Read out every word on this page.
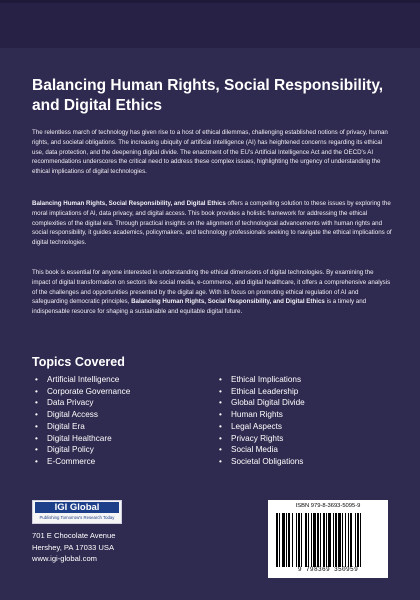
Balancing Human Rights, Social Responsibility, and Digital Ethics
The relentless march of technology has given rise to a host of ethical dilemmas, challenging established notions of privacy, human rights, and societal obligations. The increasing ubiquity of artificial intelligence (AI) has heightened concerns regarding its ethical use, data protection, and the deepening digital divide. The enactment of the EU's Artificial Intelligence Act and the OECD's AI recommendations underscores the critical need to address these complex issues, highlighting the urgency of understanding the ethical implications of digital technologies.
Balancing Human Rights, Social Responsibility, and Digital Ethics offers a compelling solution to these issues by exploring the moral implications of AI, data privacy, and digital access. This book provides a holistic framework for addressing the ethical complexities of the digital era. Through practical insights on the alignment of technological advancements with human rights and social responsibility, it guides academics, policymakers, and technology professionals seeking to navigate the ethical implications of digital technologies.
This book is essential for anyone interested in understanding the ethical dimensions of digital technologies. By examining the impact of digital transformation on sectors like social media, e-commerce, and digital healthcare, it offers a comprehensive analysis of the challenges and opportunities presented by the digital age. With its focus on promoting ethical regulation of AI and safeguarding democratic principles, Balancing Human Rights, Social Responsibility, and Digital Ethics is a timely and indispensable resource for shaping a sustainable and equitable digital future.
Topics Covered
• Artificial Intelligence
• Corporate Governance
• Data Privacy
• Digital Access
• Digital Era
• Digital Healthcare
• Digital Policy
• E-Commerce
• Ethical Implications
• Ethical Leadership
• Global Digital Divide
• Human Rights
• Legal Aspects
• Privacy Rights
• Social Media
• Societal Obligations
IGI Global
Publishing Tomorrow's Research Today
701 E Chocolate Avenue
Hershey, PA 17033 USA
www.igi-global.com
ISBN 979-8-3693-5095-9
9 798369 350959
